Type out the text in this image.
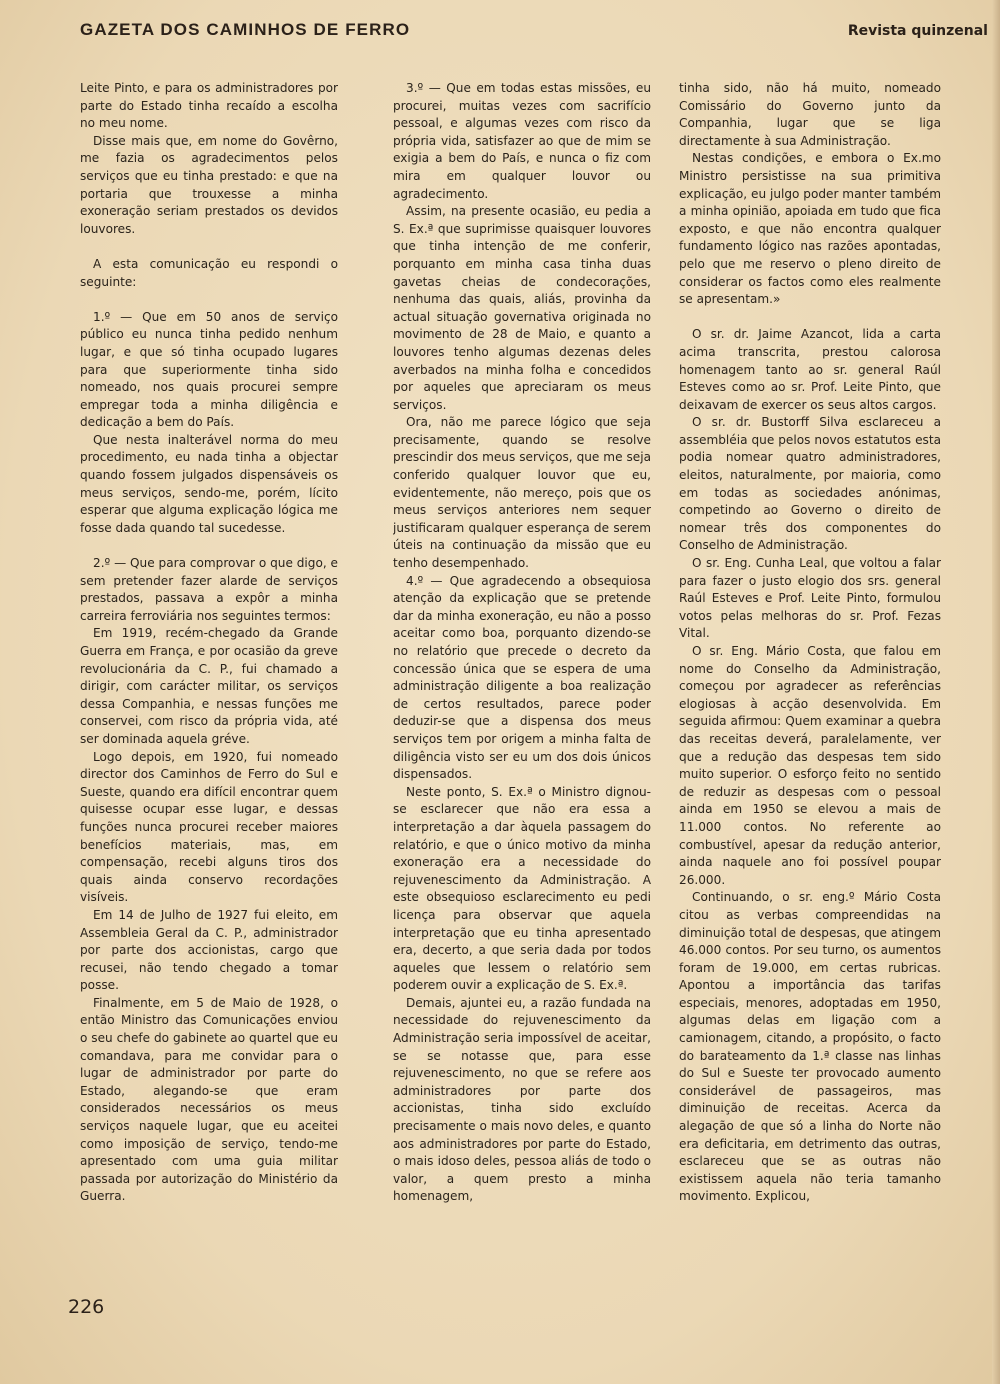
GAZETA DOS CAMINHOS DE FERRO	Revista quinzenal

Leite Pinto, e para os administradores por parte do Estado tinha recaído a escolha no meu nome.

Disse mais que, em nome do Govêrno, me fazia os agradecimentos pelos serviços que eu tinha prestado: e que na portaria que trouxesse a minha exoneração seriam prestados os devidos louvores.

A esta comunicação eu respondi o seguinte:

1.º — Que em 50 anos de serviço público eu nunca tinha pedido nenhum lugar, e que só tinha ocupado lugares para que superiormente tinha sido nomeado, nos quais procurei sempre empregar toda a minha diligência e dedicação a bem do País.

Que nesta inalterável norma do meu procedimento, eu nada tinha a objectar quando fossem julgados dispensáveis os meus serviços, sendo-me, porém, lícito esperar que alguma explicação lógica me fosse dada quando tal sucedesse.

2.º — Que para comprovar o que digo, e sem pretender fazer alarde de serviços prestados, passava a expôr a minha carreira ferroviária nos seguintes termos:

Em 1919, recém-chegado da Grande Guerra em França, e por ocasião da greve revolucionária da C. P., fui chamado a dirigir, com carácter militar, os serviços dessa Companhia, e nessas funções me conservei, com risco da própria vida, até ser dominada aquela gréve.

Logo depois, em 1920, fui nomeado director dos Caminhos de Ferro do Sul e Sueste, quando era difícil encontrar quem quisesse ocupar esse lugar, e dessas funções nunca procurei receber maiores benefícios materiais, mas, em compensação, recebi alguns tiros dos quais ainda conservo recordações visíveis.

Em 14 de Julho de 1927 fui eleito, em Assembleia Geral da C. P., administrador por parte dos accionistas, cargo que recusei, não tendo chegado a tomar posse.

Finalmente, em 5 de Maio de 1928, o então Ministro das Comunicações enviou o seu chefe do gabinete ao quartel que eu comandava, para me convidar para o lugar de administrador por parte do Estado, alegando-se que eram considerados necessários os meus serviços naquele lugar, que eu aceitei como imposição de serviço, tendo-me apresentado com uma guia militar passada por autorização do Ministério da Guerra.

3.º — Que em todas estas missões, eu procurei, muitas vezes com sacrifício pessoal, e algumas vezes com risco da própria vida, satisfazer ao que de mim se exigia a bem do País, e nunca o fiz com mira em qualquer louvor ou agradecimento.

Assim, na presente ocasião, eu pedia a S. Ex.ª que suprimisse quaisquer louvores que tinha intenção de me conferir, porquanto em minha casa tinha duas gavetas cheias de condecorações, nenhuma das quais, aliás, provinha da actual situação governativa originada no movimento de 28 de Maio, e quanto a louvores tenho algumas dezenas deles averbados na minha folha e concedidos por aqueles que apreciaram os meus serviços.

Ora, não me parece lógico que seja precisamente, quando se resolve prescindir dos meus serviços, que me seja conferido qualquer louvor que eu, evidentemente, não mereço, pois que os meus serviços anteriores nem sequer justificaram qualquer esperança de serem úteis na continuação da missão que eu tenho desempenhado.

4.º — Que agradecendo a obsequiosa atenção da explicação que se pretende dar da minha exoneração, eu não a posso aceitar como boa, porquanto dizendo-se no relatório que precede o decreto da concessão única que se espera de uma administração diligente a boa realização de certos resultados, parece poder deduzir-se que a dispensa dos meus serviços tem por origem a minha falta de diligência visto ser eu um dos dois únicos dispensados.

Neste ponto, S. Ex.ª o Ministro dignou-se esclarecer que não era essa a interpretação a dar àquela passagem do relatório, e que o único motivo da minha exoneração era a necessidade do rejuvenescimento da Administração. A este obsequioso esclarecimento eu pedi licença para observar que aquela interpretação que eu tinha apresentado era, decerto, a que seria dada por todos aqueles que lessem o relatório sem poderem ouvir a explicação de S. Ex.ª.

Demais, ajuntei eu, a razão fundada na necessidade do rejuvenescimento da Administração seria impossível de aceitar, se se notasse que, para esse rejuvenescimento, no que se refere aos administradores por parte dos accionistas, tinha sido excluído precisamente o mais novo deles, e quanto aos administradores por parte do Estado, o mais idoso deles, pessoa aliás de todo o valor, a quem presto a minha homenagem,

tinha sido, não há muito, nomeado Comissário do Governo junto da Companhia, lugar que se liga directamente à sua Administração.

Nestas condições, e embora o Ex.mo Ministro persistisse na sua primitiva explicação, eu julgo poder manter também a minha opinião, apoiada em tudo que fica exposto, e que não encontra qualquer fundamento lógico nas razões apontadas, pelo que me reservo o pleno direito de considerar os factos como eles realmente se apresentam.»

O sr. dr. Jaime Azancot, lida a carta acima transcrita, prestou calorosa homenagem tanto ao sr. general Raúl Esteves como ao sr. Prof. Leite Pinto, que deixavam de exercer os seus altos cargos.

O sr. dr. Bustorff Silva esclareceu a assembléia que pelos novos estatutos esta podia nomear quatro administradores, eleitos, naturalmente, por maioria, como em todas as sociedades anónimas, competindo ao Governo o direito de nomear três dos componentes do Conselho de Administração.

O sr. Eng. Cunha Leal, que voltou a falar para fazer o justo elogio dos srs. general Raúl Esteves e Prof. Leite Pinto, formulou votos pelas melhoras do sr. Prof. Fezas Vital.

O sr. Eng. Mário Costa, que falou em nome do Conselho da Administração, começou por agradecer as referências elogiosas à acção desenvolvida. Em seguida afirmou: Quem examinar a quebra das receitas deverá, paralelamente, ver que a redução das despesas tem sido muito superior. O esforço feito no sentido de reduzir as despesas com o pessoal ainda em 1950 se elevou a mais de 11.000 contos. No referente ao combustível, apesar da redução anterior, ainda naquele ano foi possível poupar 26.000.

Continuando, o sr. eng.º Mário Costa citou as verbas compreendidas na diminuição total de despesas, que atingem 46.000 contos. Por seu turno, os aumentos foram de 19.000, em certas rubricas. Apontou a importância das tarifas especiais, menores, adoptadas em 1950, algumas delas em ligação com a camionagem, citando, a propósito, o facto do barateamento da 1.ª classe nas linhas do Sul e Sueste ter provocado aumento considerável de passageiros, mas diminuição de receitas. Acerca da alegação de que só a linha do Norte não era deficitaria, em detrimento das outras, esclareceu que se as outras não existissem aquela não teria tamanho movimento. Explicou,

226
